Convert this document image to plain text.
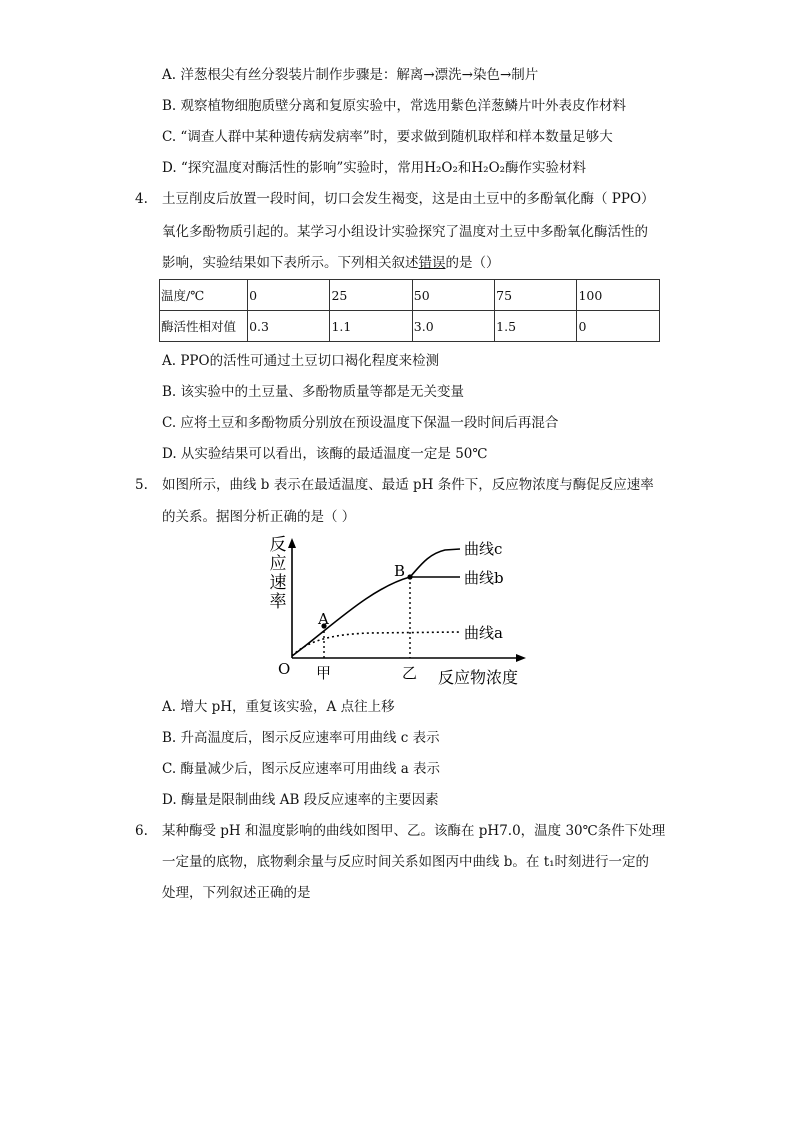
A. 洋葱根尖有丝分裂装片制作步骤是：解离→漂洗→染色→制片
B. 观察植物细胞质壁分离和复原实验中，常选用紫色洋葱鳞片叶外表皮作材料
C. “调查人群中某种遗传病发病率”时，要求做到随机取样和样本数量足够大
D. “探究温度对酶活性的影响”实验时，常用H₂O₂和H₂O₂酶作实验材料
4. 土豆削皮后放置一段时间，切口会发生褐变，这是由土豆中的多酚氧化酶（ PPO）
氧化多酚物质引起的。某学习小组设计实验探究了温度对土豆中多酚氧化酶活性的
影响，实验结果如下表所示。下列相关叙述错误的是（）
温度/℃	0	25	50	75	100
酶活性相对值	0.3	1.1	3.0	1.5	0
A. PPO的活性可通过土豆切口褐化程度来检测
B. 该实验中的土豆量、多酚物质量等都是无关变量
C. 应将土豆和多酚物质分别放在预设温度下保温一段时间后再混合
D. 从实验结果可以看出，该酶的最适温度一定是 50℃
5. 如图所示，曲线 b 表示在最适温度、最适 pH 条件下，反应物浓度与酶促反应速率
的关系。据图分析正确的是（ ）
反应速率
A
B
O 甲	乙 反应物浓度
曲线c
曲线b
曲线a
A. 增大 pH，重复该实验，A 点往上移
B. 升高温度后，图示反应速率可用曲线 c 表示
C. 酶量减少后，图示反应速率可用曲线 a 表示
D. 酶量是限制曲线 AB 段反应速率的主要因素
6. 某种酶受 pH 和温度影响的曲线如图甲、乙。该酶在 pH7.0，温度 30℃条件下处理
一定量的底物，底物剩余量与反应时间关系如图丙中曲线 b。在 t₁时刻进行一定的
处理，下列叙述正确的是
